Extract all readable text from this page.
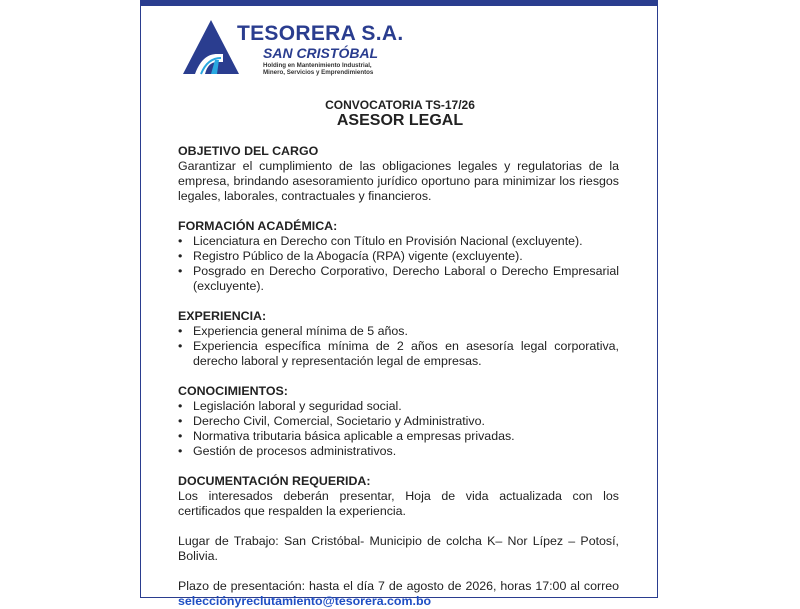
TESORERA S.A.
SAN CRISTÓBAL
Holding en Mantenimiento Industrial,
Minero, Servicios y Emprendimientos
CONVOCATORIA TS-17/26
ASESOR LEGAL
OBJETIVO DEL CARGO

Garantizar el cumplimiento de las obligaciones legales y regulatorias de la empresa, brindando asesoramiento jurídico oportuno para minimizar los riesgos legales, laborales, contractuales y financieros.

FORMACIÓN ACADÉMICA:
• Licenciatura en Derecho con Título en Provisión Nacional (excluyente).
• Registro Público de la Abogacía (RPA) vigente (excluyente).
• Posgrado en Derecho Corporativo, Derecho Laboral o Derecho Empresarial (excluyente).
EXPERIENCIA:
• Experiencia general mínima de 5 años.
• Experiencia específica mínima de 2 años en asesoría legal corporativa, derecho laboral y representación legal de empresas.
CONOCIMIENTOS:
• Legislación laboral y seguridad social.
• Derecho Civil, Comercial, Societario y Administrativo.
• Normativa tributaria básica aplicable a empresas privadas.
• Gestión de procesos administrativos.
DOCUMENTACIÓN REQUERIDA:

Los interesados deberán presentar, Hoja de vida actualizada con los certificados que respalden la experiencia.

Lugar de Trabajo: San Cristóbal- Municipio de colcha K– Nor Lípez – Potosí, Bolivia.

Plazo de presentación: hasta el día 7 de agosto de 2026, horas 17:00 al correo selecciónyreclutamiento@tesorera.com.bo
